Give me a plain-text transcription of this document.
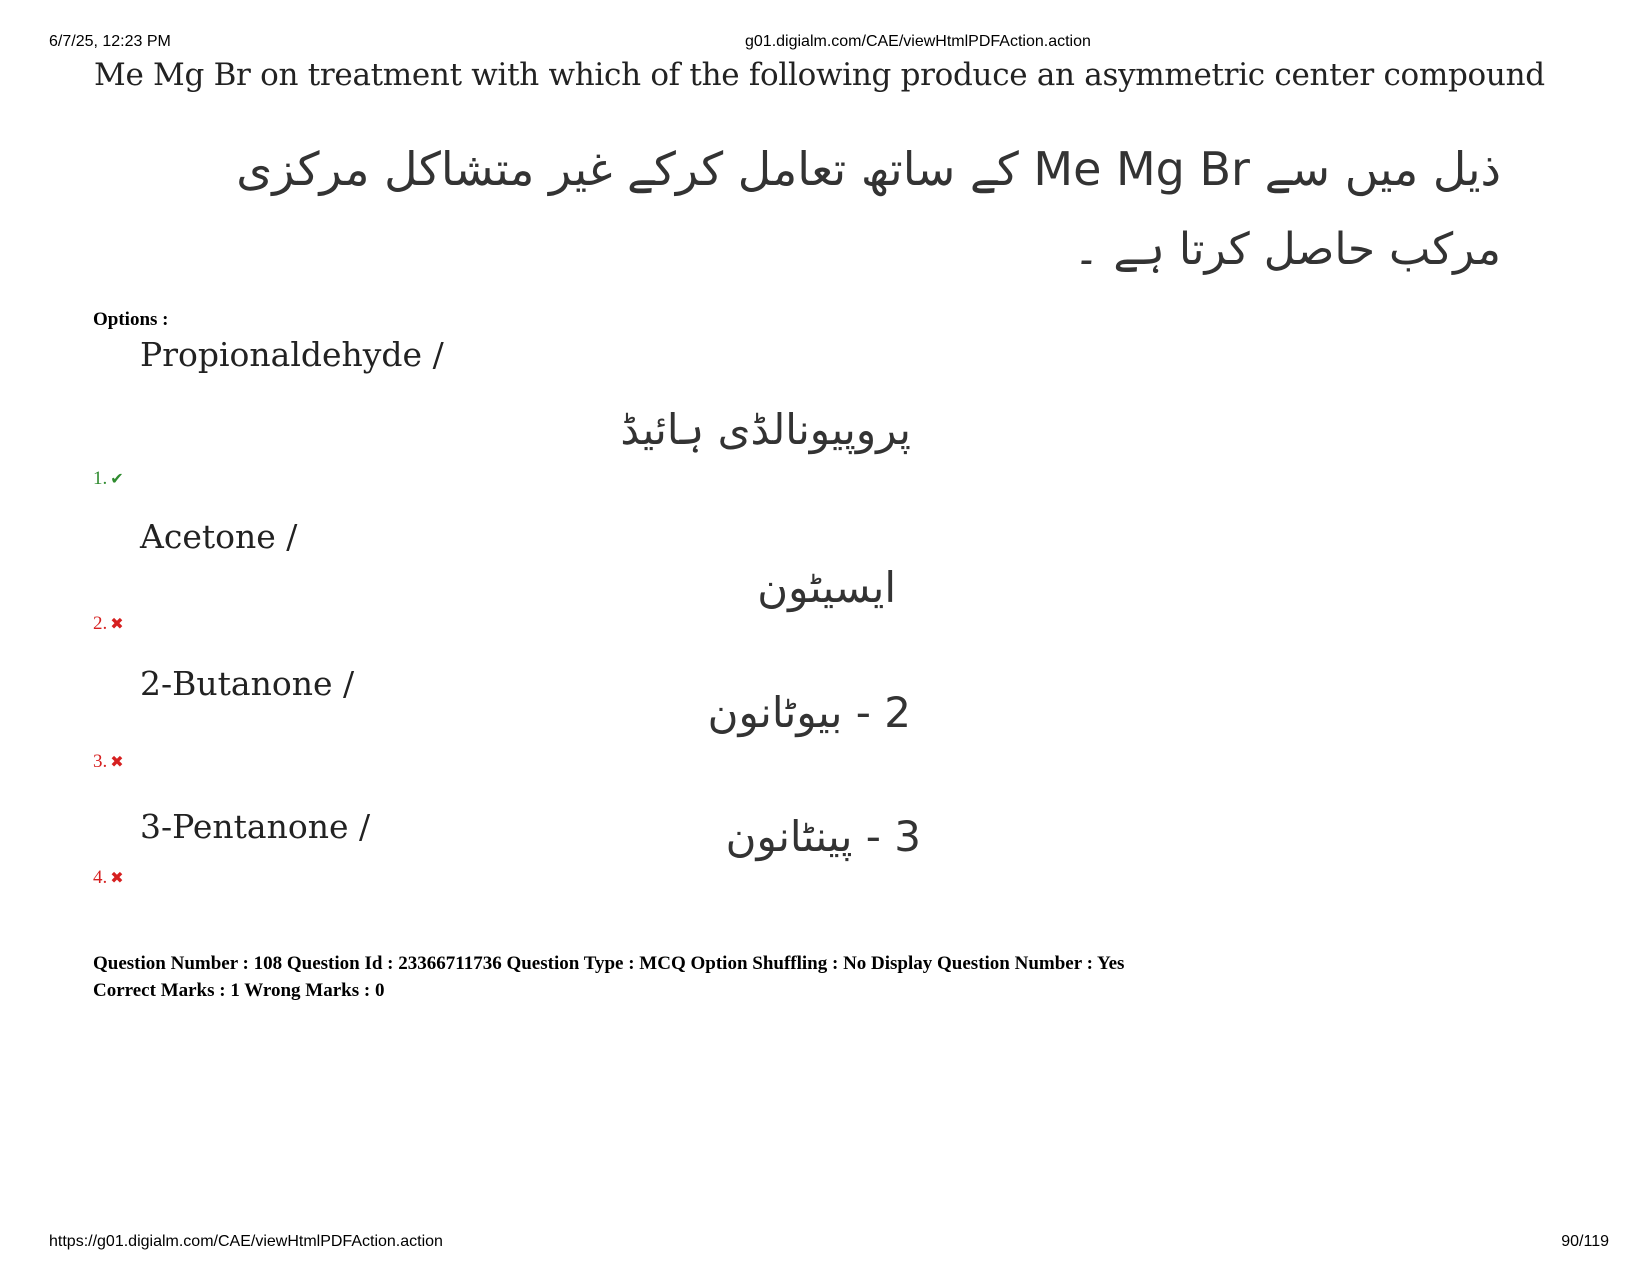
6/7/25, 12:23 PM	g01.digialm.com/CAE/viewHtmlPDFAction.action
Me Mg Br on treatment with which of the following produce an asymmetric center compound
ذیل میں سے Me Mg Br کے ساتھ تعامل کرکے غیر متشاکل مرکزی
مرکب حاصل کرتا ہے ۔
Options :
Propionaldehyde /
پروپیونالڈی ہائیڈ
1. ✔
Acetone /
ایسیٹون
2. ✖
2-Butanone /
2 - بیوٹانون
3. ✖
3-Pentanone /	3 - پینٹانون
4. ✖
Question Number : 108 Question Id : 23366711736 Question Type : MCQ Option Shuffling : No Display Question Number : Yes
Correct Marks : 1 Wrong Marks : 0
https://g01.digialm.com/CAE/viewHtmlPDFAction.action	90/119
